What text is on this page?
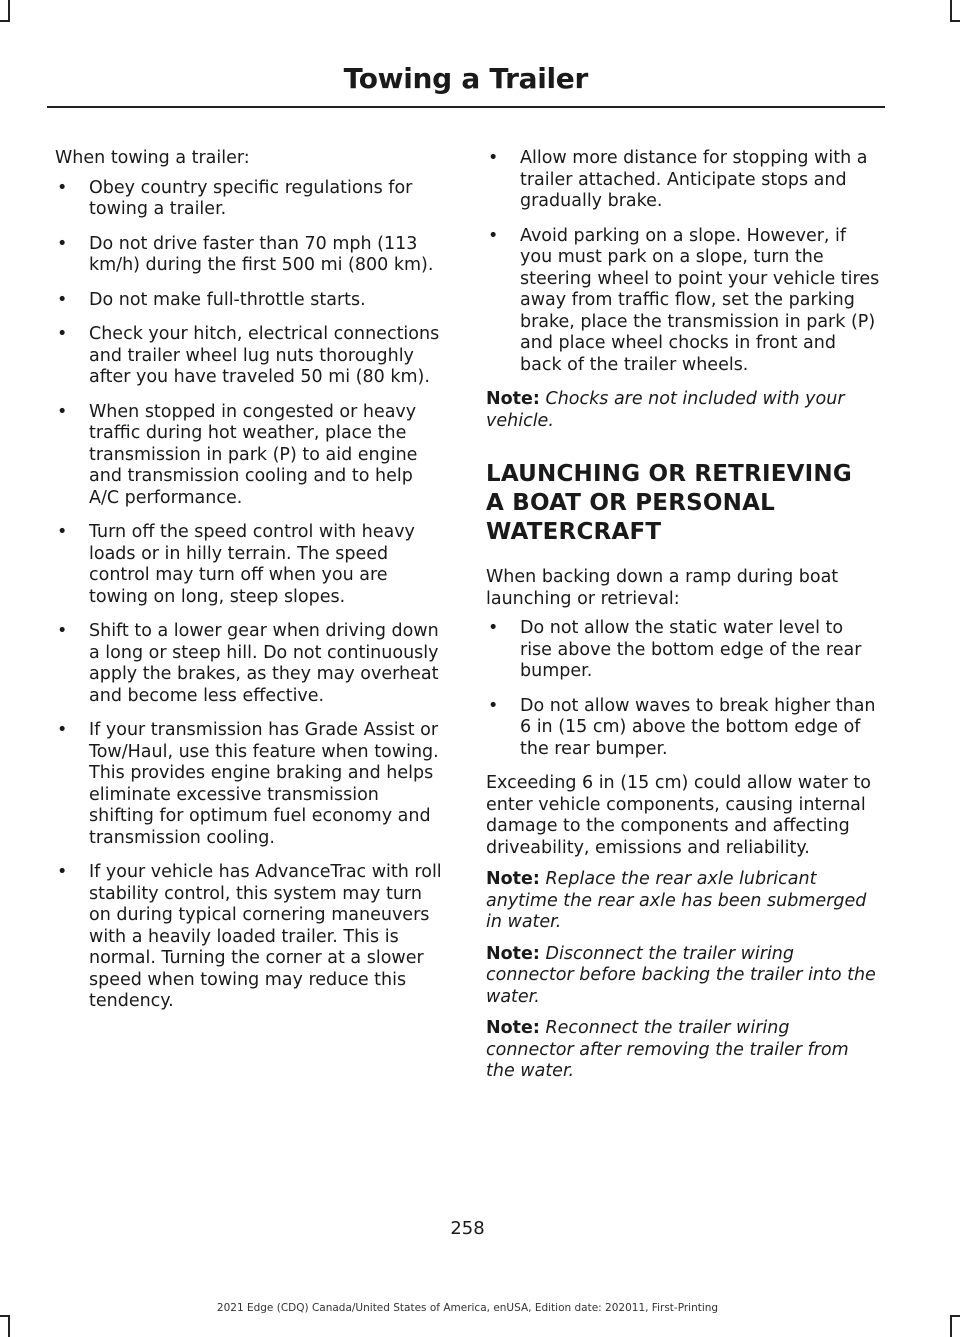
Towing a Trailer

When towing a trailer:

• Obey country specific regulations for towing a trailer.
• Do not drive faster than 70 mph (113 km/h) during the first 500 mi (800 km).
• Do not make full-throttle starts.
• Check your hitch, electrical connections and trailer wheel lug nuts thoroughly after you have traveled 50 mi (80 km).
• When stopped in congested or heavy traffic during hot weather, place the transmission in park (P) to aid engine and transmission cooling and to help A/C performance.
• Turn off the speed control with heavy loads or in hilly terrain. The speed control may turn off when you are towing on long, steep slopes.
• Shift to a lower gear when driving down a long or steep hill. Do not continuously apply the brakes, as they may overheat and become less effective.
• If your transmission has Grade Assist or Tow/Haul, use this feature when towing. This provides engine braking and helps eliminate excessive transmission shifting for optimum fuel economy and transmission cooling.
• If your vehicle has AdvanceTrac with roll stability control, this system may turn on during typical cornering maneuvers with a heavily loaded trailer. This is normal. Turning the corner at a slower speed when towing may reduce this tendency.
• Allow more distance for stopping with a trailer attached. Anticipate stops and gradually brake.
• Avoid parking on a slope. However, if you must park on a slope, turn the steering wheel to point your vehicle tires away from traffic flow, set the parking brake, place the transmission in park (P) and place wheel chocks in front and back of the trailer wheels.

Note: Chocks are not included with your vehicle.

LAUNCHING OR RETRIEVING
A BOAT OR PERSONAL
WATERCRAFT

When backing down a ramp during boat launching or retrieval:

• Do not allow the static water level to rise above the bottom edge of the rear bumper.
• Do not allow waves to break higher than 6 in (15 cm) above the bottom edge of the rear bumper.

Exceeding 6 in (15 cm) could allow water to enter vehicle components, causing internal damage to the components and affecting driveability, emissions and reliability.

Note: Replace the rear axle lubricant anytime the rear axle has been submerged in water.

Note: Disconnect the trailer wiring connector before backing the trailer into the water.

Note: Reconnect the trailer wiring connector after removing the trailer from the water.

258
2021 Edge (CDQ) Canada/United States of America, enUSA, Edition date: 202011, First-Printing
